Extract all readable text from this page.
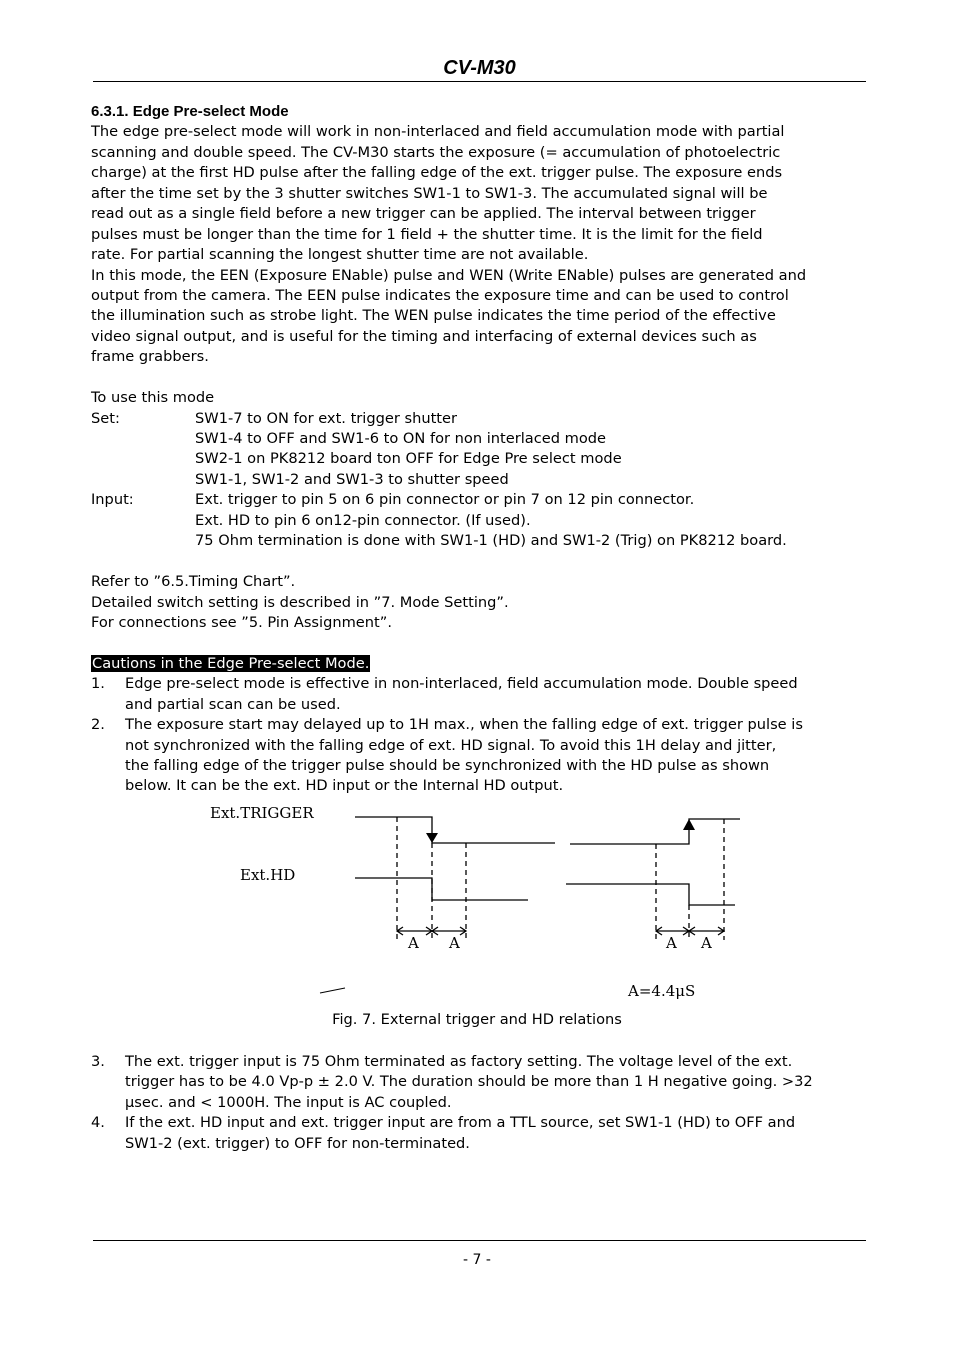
CV-M30
6.3.1. Edge Pre-select Mode
The edge pre-select mode will work in non-interlaced and field accumulation mode with partial
scanning and double speed. The CV-M30 starts the exposure (= accumulation of photoelectric
charge) at the first HD pulse after the falling edge of the ext. trigger pulse. The exposure ends
after the time set by the 3 shutter switches SW1-1 to SW1-3. The accumulated signal will be
read out as a single field before a new trigger can be applied. The interval between trigger
pulses must be longer than the time for 1 field + the shutter time. It is the limit for the field
rate. For partial scanning the longest shutter time are not available.
In this mode, the EEN (Exposure ENable) pulse and WEN (Write ENable) pulses are generated and
output from the camera. The EEN pulse indicates the exposure time and can be used to control
the illumination such as strobe light. The WEN pulse indicates the time period of the effective
video signal output, and is useful for the timing and interfacing of external devices such as
frame grabbers.
To use this mode
Set:	SW1-7 to ON for ext. trigger shutter
SW1-4 to OFF and SW1-6 to ON for non interlaced mode
SW2-1 on PK8212 board ton OFF for Edge Pre select mode
SW1-1, SW1-2 and SW1-3 to shutter speed
Input:	Ext. trigger to pin 5 on 6 pin connector or pin 7 on 12 pin connector.
Ext. HD to pin 6 on12-pin connector. (If used).
75 Ohm termination is done with SW1-1 (HD) and SW1-2 (Trig) on PK8212 board.
Refer to ”6.5.Timing Chart”.
Detailed switch setting is described in ”7. Mode Setting”.
For connections see ”5. Pin Assignment”.
Cautions in the Edge Pre-select Mode.
1. Edge pre-select mode is effective in non-interlaced, field accumulation mode. Double speed
and partial scan can be used.
2. The exposure start may delayed up to 1H max., when the falling edge of ext. trigger pulse is
not synchronized with the falling edge of ext. HD signal. To avoid this 1H delay and jitter,
the falling edge of the trigger pulse should be synchronized with the HD pulse as shown
below. It can be the ext. HD input or the Internal HD output.
Ext.TRIGGER
Ext.HD
A A	A A
A=4.4μS
Fig. 7. External trigger and HD relations
3. The ext. trigger input is 75 Ohm terminated as factory setting. The voltage level of the ext.
trigger has to be 4.0 Vp-p ± 2.0 V. The duration should be more than 1 H negative going. >32
µsec. and < 1000H. The input is AC coupled.
4. If the ext. HD input and ext. trigger input are from a TTL source, set SW1-1 (HD) to OFF and
SW1-2 (ext. trigger) to OFF for non-terminated.
- 7 -
